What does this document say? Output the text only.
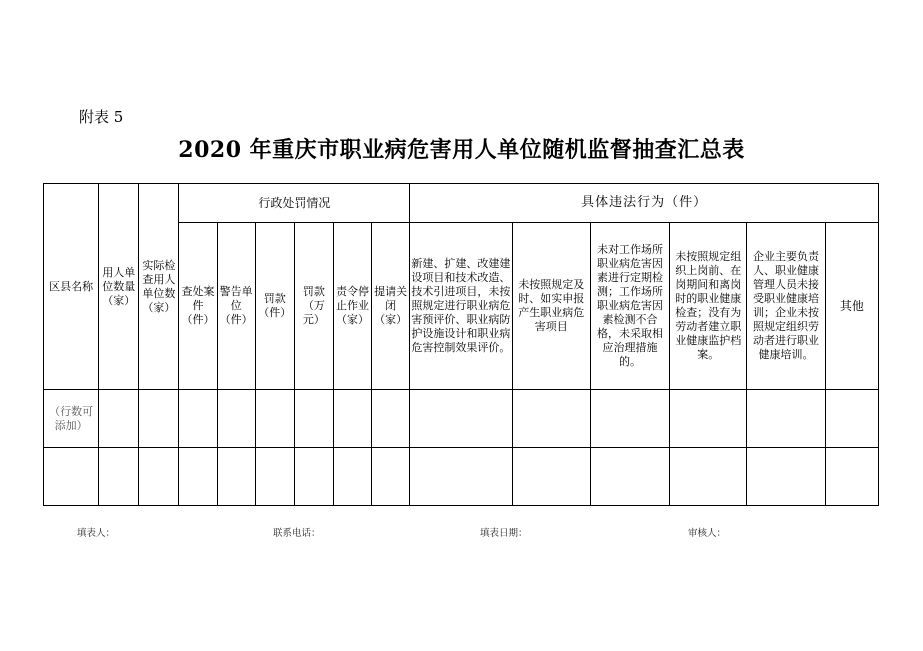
附表 5
2020 年重庆市职业病危害用人单位随机监督抽查汇总表
区县名称	用人单位数量（家）	实际检查用人单位数（家）	行政处罚情况						具体违法行为（件）					
			查处案件（件）	警告单位（件）	罚款（件）	罚款（万元）	责令停止作业（家）	提请关闭（家）	新建、扩建、改建建设项目和技术改造、技术引进项目，未按照规定进行职业病危害预评价、职业病防护设施设计和职业病危害控制效果评价。	未按照规定及时、如实申报产生职业病危害项目	未对工作场所职业病危害因素进行定期检测；工作场所职业病危害因素检测不合格，未采取相应治理措施的。	未按照规定组织上岗前、在岗期间和离岗时的职业健康检查；没有为劳动者建立职业健康监护档案。	企业主要负责人、职业健康管理人员未接受职业健康培训；企业未按照规定组织劳动者进行职业健康培训。	其他
（行数可添加）														

填表人：	联系电话：	填表日期：	审核人：
